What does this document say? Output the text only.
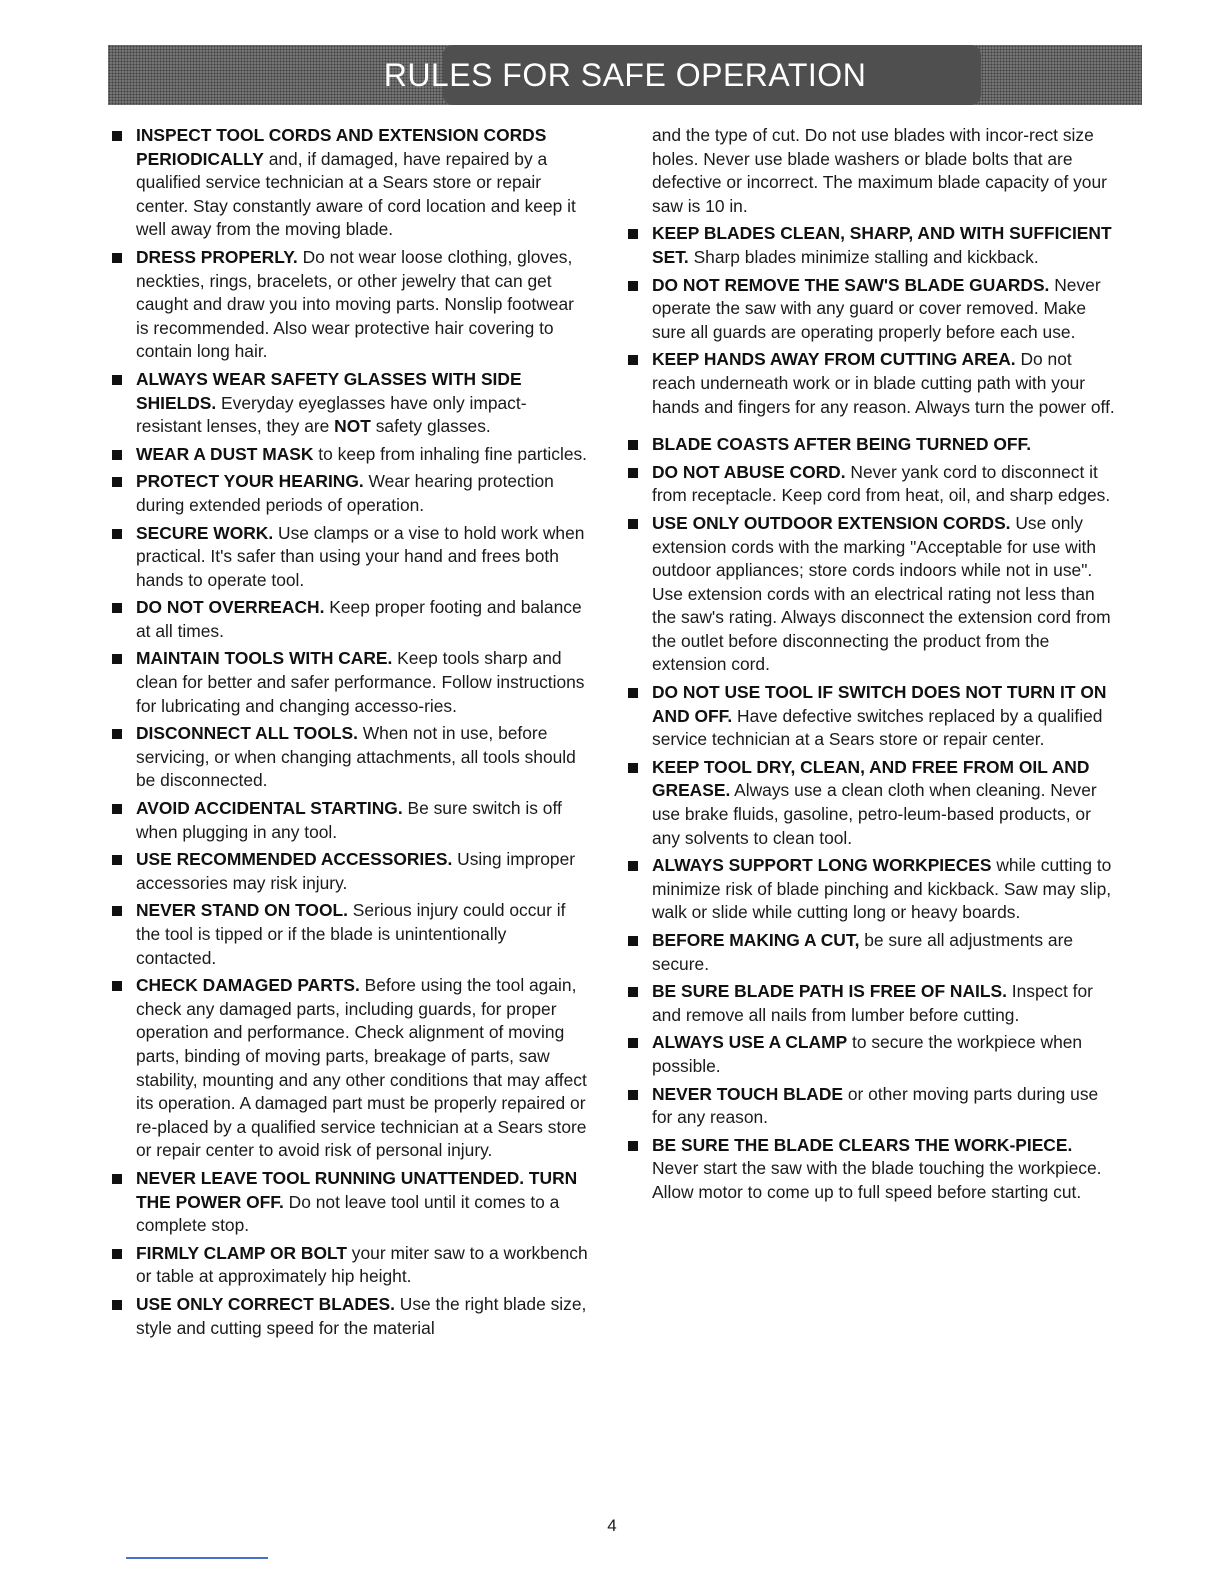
RULES FOR SAFE OPERATION
INSPECT TOOL CORDS AND EXTENSION CORDS PERIODICALLY and, if damaged, have repaired by a qualified service technician at a Sears store or repair center. Stay constantly aware of cord location and keep it well away from the moving blade.
DRESS PROPERLY. Do not wear loose clothing, gloves, neckties, rings, bracelets, or other jewelry that can get caught and draw you into moving parts. Nonslip footwear is recommended. Also wear protective hair covering to contain long hair.
ALWAYS WEAR SAFETY GLASSES WITH SIDE SHIELDS. Everyday eyeglasses have only impact-resistant lenses, they are NOT safety glasses.
WEAR A DUST MASK to keep from inhaling fine particles.
PROTECT YOUR HEARING. Wear hearing protection during extended periods of operation.
SECURE WORK. Use clamps or a vise to hold work when practical. It's safer than using your hand and frees both hands to operate tool.
DO NOT OVERREACH. Keep proper footing and balance at all times.
MAINTAIN TOOLS WITH CARE. Keep tools sharp and clean for better and safer performance. Follow instructions for lubricating and changing accesso-ries.
DISCONNECT ALL TOOLS. When not in use, before servicing, or when changing attachments, all tools should be disconnected.
AVOID ACCIDENTAL STARTING. Be sure switch is off when plugging in any tool.
USE RECOMMENDED ACCESSORIES. Using improper accessories may risk injury.
NEVER STAND ON TOOL. Serious injury could occur if the tool is tipped or if the blade is unintentionally contacted.
CHECK DAMAGED PARTS. Before using the tool again, check any damaged parts, including guards, for proper operation and performance. Check alignment of moving parts, binding of moving parts, breakage of parts, saw stability, mounting and any other conditions that may affect its operation. A damaged part must be properly repaired or re-placed by a qualified service technician at a Sears store or repair center to avoid risk of personal injury.
NEVER LEAVE TOOL RUNNING UNATTENDED. TURN THE POWER OFF. Do not leave tool until it comes to a complete stop.
FIRMLY CLAMP OR BOLT your miter saw to a workbench or table at approximately hip height.
USE ONLY CORRECT BLADES. Use the right blade size, style and cutting speed for the material
and the type of cut. Do not use blades with incor-rect size holes. Never use blade washers or blade bolts that are defective or incorrect. The maximum blade capacity of your saw is 10 in.
KEEP BLADES CLEAN, SHARP, AND WITH SUFFICIENT SET. Sharp blades minimize stalling and kickback.
DO NOT REMOVE THE SAW'S BLADE GUARDS. Never operate the saw with any guard or cover removed. Make sure all guards are operating properly before each use.
KEEP HANDS AWAY FROM CUTTING AREA. Do not reach underneath work or in blade cutting path with your hands and fingers for any reason. Always turn the power off.
BLADE COASTS AFTER BEING TURNED OFF.
DO NOT ABUSE CORD. Never yank cord to disconnect it from receptacle. Keep cord from heat, oil, and sharp edges.
USE ONLY OUTDOOR EXTENSION CORDS. Use only extension cords with the marking "Acceptable for use with outdoor appliances; store cords indoors while not in use". Use extension cords with an electrical rating not less than the saw's rating. Always disconnect the extension cord from the outlet before disconnecting the product from the extension cord.
DO NOT USE TOOL IF SWITCH DOES NOT TURN IT ON AND OFF. Have defective switches replaced by a qualified service technician at a Sears store or repair center.
KEEP TOOL DRY, CLEAN, AND FREE FROM OIL AND GREASE. Always use a clean cloth when cleaning. Never use brake fluids, gasoline, petro-leum-based products, or any solvents to clean tool.
ALWAYS SUPPORT LONG WORKPIECES while cutting to minimize risk of blade pinching and kickback. Saw may slip, walk or slide while cutting long or heavy boards.
BEFORE MAKING A CUT, be sure all adjustments are secure.
BE SURE BLADE PATH IS FREE OF NAILS. Inspect for and remove all nails from lumber before cutting.
ALWAYS USE A CLAMP to secure the workpiece when possible.
NEVER TOUCH BLADE or other moving parts during use for any reason.
BE SURE THE BLADE CLEARS THE WORK-PIECE. Never start the saw with the blade touching the workpiece. Allow motor to come up to full speed before starting cut.
4
